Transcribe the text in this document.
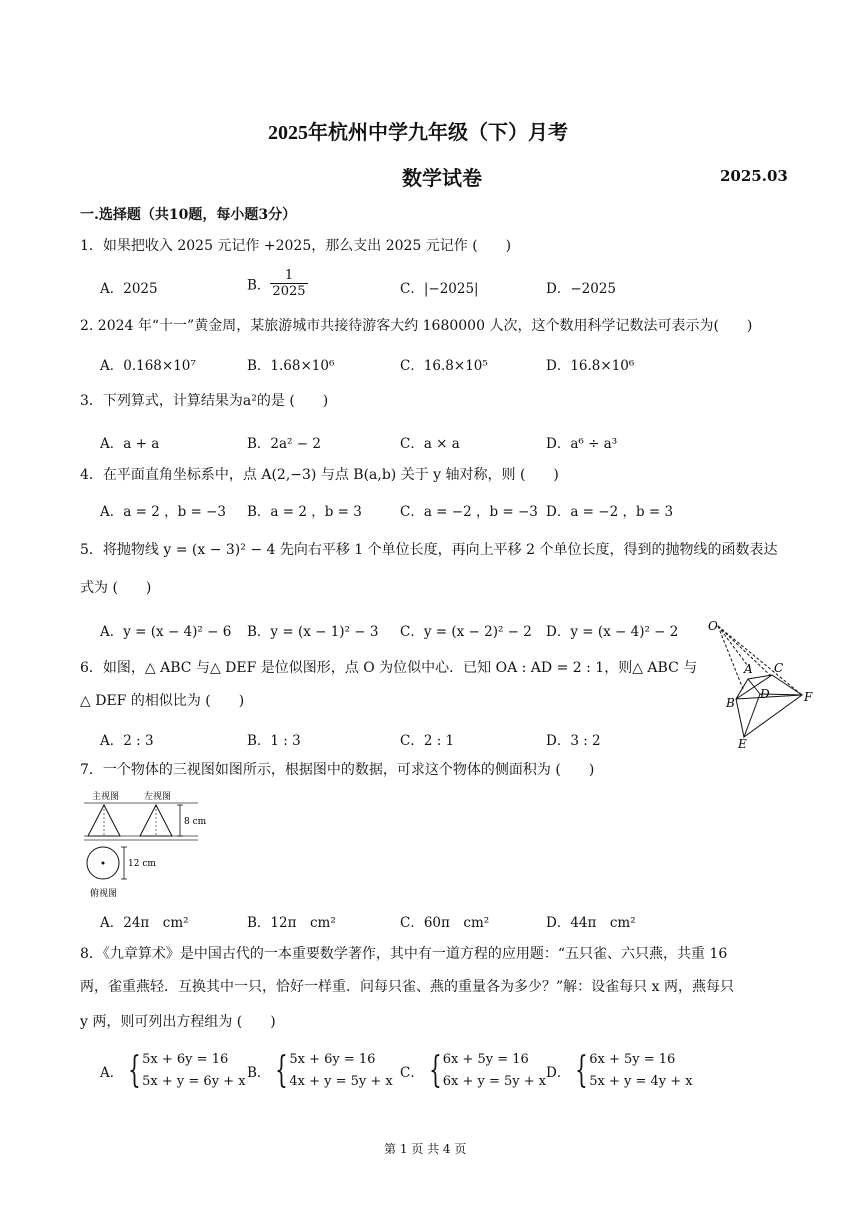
2025年杭州中学九年级（下）月考
数学试卷	2025.03
一.选择题（共10题，每小题3分）
1．如果把收入 2025 元记作 +2025，那么支出 2025 元记作 (　　)
A．2025	B． $\frac{1}{2025}$	C．|−2025|	D．−2025
2. 2024 年“十一”黄金周，某旅游城市共接待游客大约 1680000 人次，这个数用科学记数法可表示为(　　)
A．0.168×10⁷	B．1.68×10⁶	C．16.8×10⁵	D．16.8×10⁶
3．下列算式，计算结果为a²的是 (　　)
A．a + a	B．2a² − 2	C．a × a	D．a⁶ ÷ a³
4．在平面直角坐标系中，点 A(2,−3) 与点 B(a,b) 关于 y 轴对称，则 (　　)
A．a = 2 ，b = −3 B．a = 2 ，b = 3	C．a = −2 ，b = −3 D．a = −2 ，b = 3
5．将抛物线 y = (x − 3)² − 4 先向右平移 1 个单位长度，再向上平移 2 个单位长度，得到的抛物线的函数表达
式为 (　　)
A．y = (x − 4)² − 6 B．y = (x − 1)² − 3 C．y = (x − 2)² − 2 D．y = (x − 4)² − 2
6．如图，△ ABC 与△ DEF 是位似图形，点 O 为位似中心．已知 OA : AD = 2 : 1，则△ ABC 与
△ DEF 的相似比为 (　　)
A．2 : 3	B．1 : 3	C．2 : 1	D．3 : 2
O
A C
B
D	F
E
7．一个物体的三视图如图所示，根据图中的数据，可求这个物体的侧面积为 (　　)
主视图	左视图
8 cm
12 cm
俯视图
A．24π　cm²	B．12π　cm²	C．60π　cm²	D．44π　cm²
8．《九章算术》是中国古代的一本重要数学著作，其中有一道方程的应用题：“五只雀、六只燕，共重 16
两，雀重燕轻．互换其中一只，恰好一样重．问每只雀、燕的重量各为多少？”解：设雀每只 x 两，燕每只
y 两，则可列出方程组为 (　　)
A． {5x + 6y = 16
5x + y = 6y + x
B． {5x + 6y = 16
4x + y = 5y + x
C． {6x + 5y = 16
6x + y = 5y + x
D． {6x + 5y = 16
5x + y = 4y + x
第 1 页 共 4 页
